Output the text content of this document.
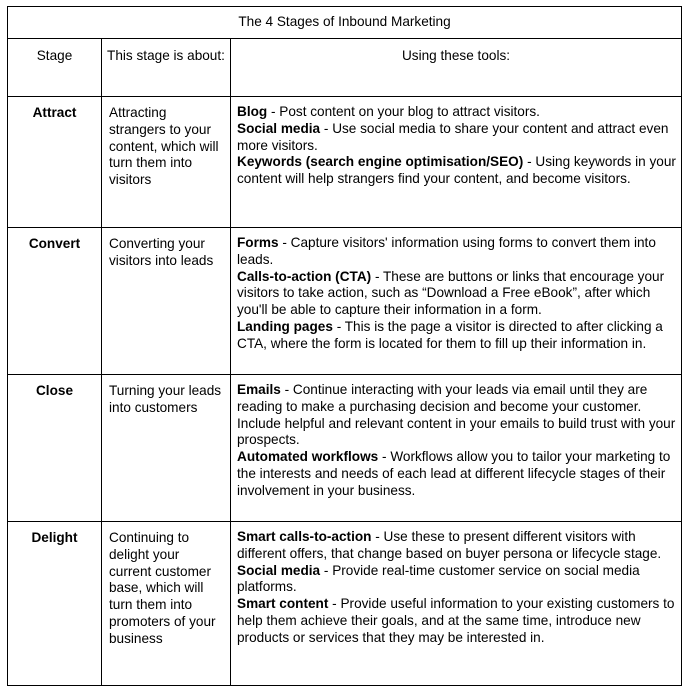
The 4 Stages of Inbound Marketing		
Stage	This stage is about:	Using these tools:
Attract	Attracting strangers to your content, which will turn them into visitors	Blog - Post content on your blog to attract visitors.

Social media - Use social media to share your content and attract even more visitors.

Keywords (search engine optimisation/SEO) - Using keywords in your content will help strangers find your content, and become visitors.

Convert	Converting your visitors into leads	Forms - Capture visitors' information using forms to convert them into leads.

Calls-to-action (CTA) - These are buttons or links that encourage your visitors to take action, such as “Download a Free eBook”, after which you'll be able to capture their information in a form.

Landing pages - This is the page a visitor is directed to after clicking a CTA, where the form is located for them to fill up their information in.

Close	Turning your leads into customers	Emails - Continue interacting with your leads via email until they are reading to make a purchasing decision and become your customer. Include helpful and relevant content in your emails to build trust with your prospects.

Automated workflows - Workflows allow you to tailor your marketing to the interests and needs of each lead at different lifecycle stages of their involvement in your business.

Delight	Continuing to delight your current customer base, which will turn them into promoters of your business	Smart calls-to-action - Use these to present different visitors with different offers, that change based on buyer persona or lifecycle stage.

Social media - Provide real-time customer service on social media platforms.

Smart content - Provide useful information to your existing customers to help them achieve their goals, and at the same time, introduce new products or services that they may be interested in.
